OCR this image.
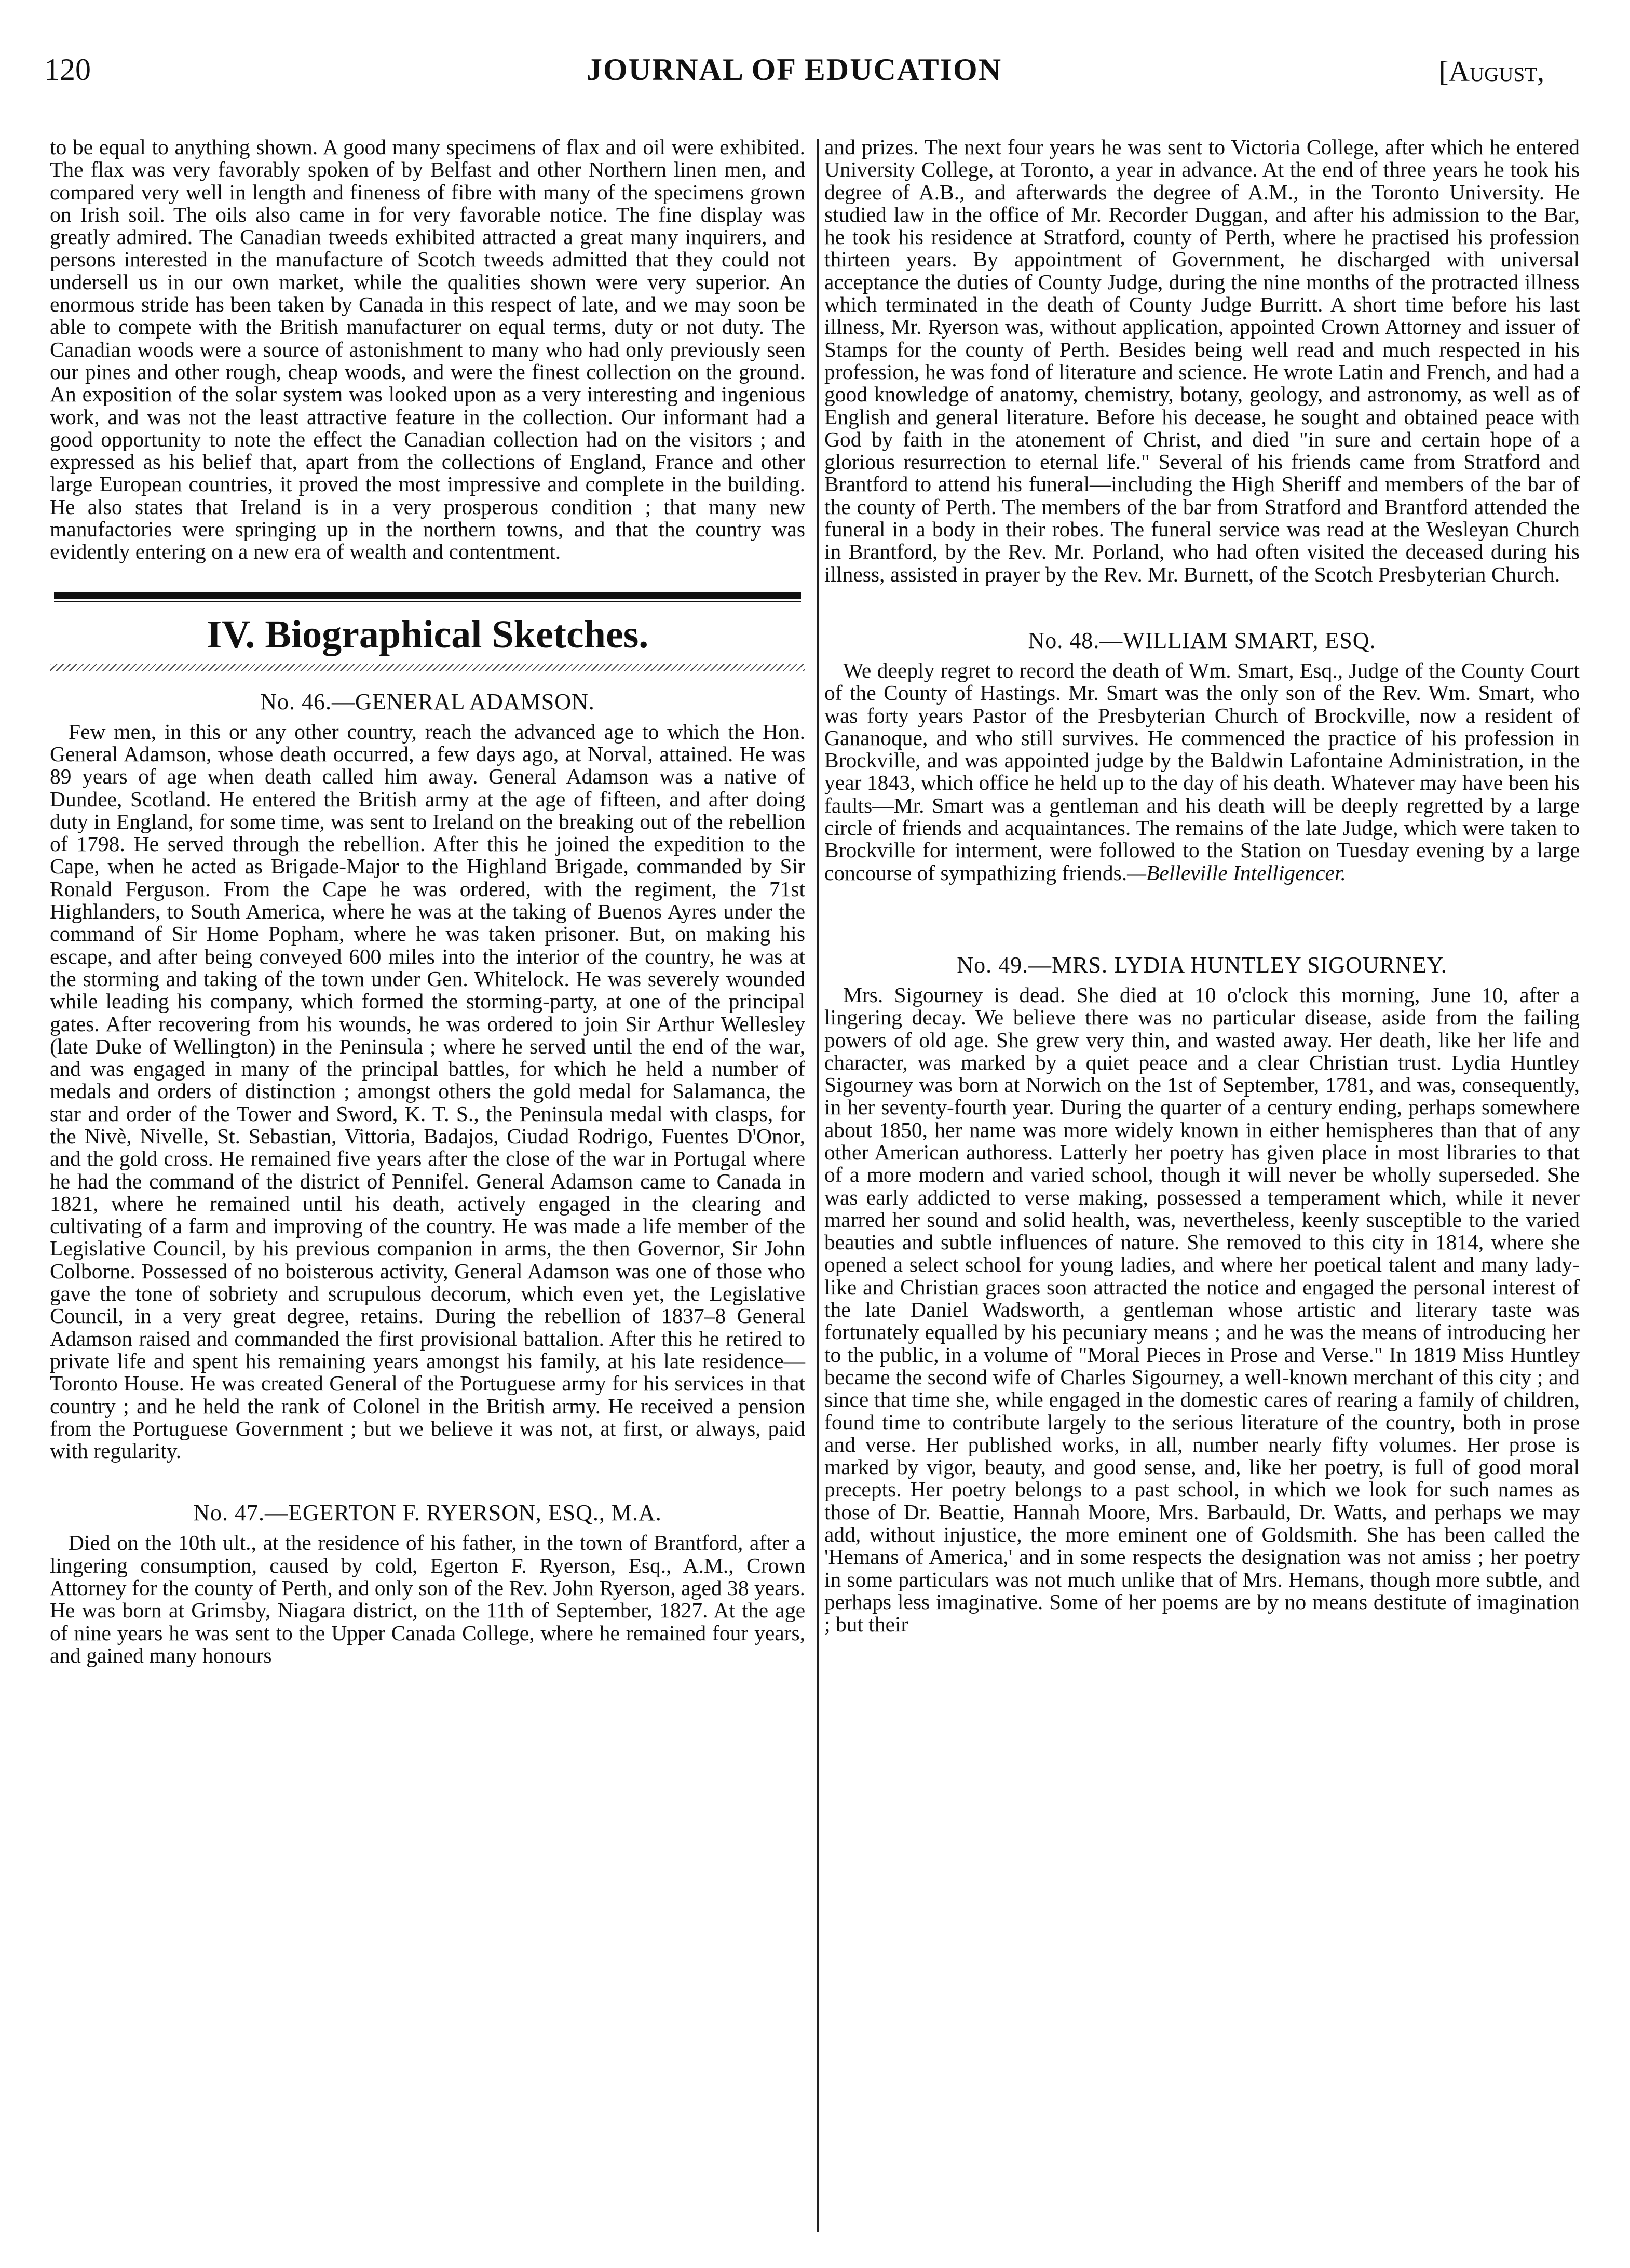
120	JOURNAL OF EDUCATION	[August,

to be equal to anything shown. A good many specimens of flax and oil were exhibited. The flax was very favorably spoken of by Belfast and other Northern linen men, and compared very well in length and fineness of fibre with many of the specimens grown on Irish soil. The oils also came in for very favorable notice. The fine display was greatly admired. The Canadian tweeds exhibited attracted a great many inquirers, and persons interested in the manufacture of Scotch tweeds admitted that they could not undersell us in our own market, while the qualities shown were very superior. An enormous stride has been taken by Canada in this respect of late, and we may soon be able to compete with the British manufacturer on equal terms, duty or not duty. The Canadian woods were a source of astonishment to many who had only previously seen our pines and other rough, cheap woods, and were the finest collection on the ground. An exposition of the solar system was looked upon as a very interesting and ingenious work, and was not the least attractive feature in the collection. Our informant had a good opportunity to note the effect the Canadian collection had on the visitors ; and expressed as his belief that, apart from the collections of England, France and other large European countries, it proved the most impressive and complete in the building. He also states that Ireland is in a very prosperous condition ; that many new manufactories were springing up in the northern towns, and that the country was evidently entering on a new era of wealth and contentment.

IV. Biographical Sketches.
No. 46.—GENERAL ADAMSON.

Few men, in this or any other country, reach the advanced age to which the Hon. General Adamson, whose death occurred, a few days ago, at Norval, attained. He was 89 years of age when death called him away. General Adamson was a native of Dundee, Scotland. He entered the British army at the age of fifteen, and after doing duty in England, for some time, was sent to Ireland on the breaking out of the rebellion of 1798. He served through the rebellion. After this he joined the expedition to the Cape, when he acted as Brigade-Major to the Highland Brigade, commanded by Sir Ronald Ferguson. From the Cape he was ordered, with the regiment, the 71st Highlanders, to South America, where he was at the taking of Buenos Ayres under the command of Sir Home Popham, where he was taken prisoner. But, on making his escape, and after being conveyed 600 miles into the interior of the country, he was at the storming and taking of the town under Gen. Whitelock. He was severely wounded while leading his company, which formed the storming-party, at one of the principal gates. After recovering from his wounds, he was ordered to join Sir Arthur Wellesley (late Duke of Wellington) in the Peninsula ; where he served until the end of the war, and was engaged in many of the principal battles, for which he held a number of medals and orders of distinction ; amongst others the gold medal for Salamanca, the star and order of the Tower and Sword, K. T. S., the Peninsula medal with clasps, for the Nivè, Nivelle, St. Sebastian, Vittoria, Badajos, Ciudad Rodrigo, Fuentes D'Onor, and the gold cross. He remained five years after the close of the war in Portugal where he had the command of the district of Pennifel. General Adamson came to Canada in 1821, where he remained until his death, actively engaged in the clearing and cultivating of a farm and improving of the country. He was made a life member of the Legislative Council, by his previous companion in arms, the then Governor, Sir John Colborne. Possessed of no boisterous activity, General Adamson was one of those who gave the tone of sobriety and scrupulous decorum, which even yet, the Legislative Council, in a very great degree, retains. During the rebellion of 1837–8 General Adamson raised and commanded the first provisional battalion. After this he retired to private life and spent his remaining years amongst his family, at his late residence—Toronto House. He was created General of the Portuguese army for his services in that country ; and he held the rank of Colonel in the British army. He received a pension from the Portuguese Government ; but we believe it was not, at first, or always, paid with regularity.

No. 47.—EGERTON F. RYERSON, ESQ., M.A.

Died on the 10th ult., at the residence of his father, in the town of Brantford, after a lingering consumption, caused by cold, Egerton F. Ryerson, Esq., A.M., Crown Attorney for the county of Perth, and only son of the Rev. John Ryerson, aged 38 years. He was born at Grimsby, Niagara district, on the 11th of September, 1827. At the age of nine years he was sent to the Upper Canada College, where he remained four years, and gained many honours

and prizes. The next four years he was sent to Victoria College, after which he entered University College, at Toronto, a year in advance. At the end of three years he took his degree of A.B., and afterwards the degree of A.M., in the Toronto University. He studied law in the office of Mr. Recorder Duggan, and after his admission to the Bar, he took his residence at Stratford, county of Perth, where he practised his profession thirteen years. By appointment of Government, he discharged with universal acceptance the duties of County Judge, during the nine months of the protracted illness which terminated in the death of County Judge Burritt. A short time before his last illness, Mr. Ryerson was, without application, appointed Crown Attorney and issuer of Stamps for the county of Perth. Besides being well read and much respected in his profession, he was fond of literature and science. He wrote Latin and French, and had a good knowledge of anatomy, chemistry, botany, geology, and astronomy, as well as of English and general literature. Before his decease, he sought and obtained peace with God by faith in the atonement of Christ, and died "in sure and certain hope of a glorious resurrection to eternal life." Several of his friends came from Stratford and Brantford to attend his funeral—including the High Sheriff and members of the bar of the county of Perth. The members of the bar from Stratford and Brantford attended the funeral in a body in their robes. The funeral service was read at the Wesleyan Church in Brantford, by the Rev. Mr. Porland, who had often visited the deceased during his illness, assisted in prayer by the Rev. Mr. Burnett, of the Scotch Presbyterian Church.

No. 48.—WILLIAM SMART, ESQ.

We deeply regret to record the death of Wm. Smart, Esq., Judge of the County Court of the County of Hastings. Mr. Smart was the only son of the Rev. Wm. Smart, who was forty years Pastor of the Presbyterian Church of Brockville, now a resident of Gananoque, and who still survives. He commenced the practice of his profession in Brockville, and was appointed judge by the Baldwin Lafontaine Administration, in the year 1843, which office he held up to the day of his death. Whatever may have been his faults—Mr. Smart was a gentleman and his death will be deeply regretted by a large circle of friends and acquaintances. The remains of the late Judge, which were taken to Brockville for interment, were followed to the Station on Tuesday evening by a large concourse of sympathizing friends.—Belleville Intelligencer.

No. 49.—MRS. LYDIA HUNTLEY SIGOURNEY.

Mrs. Sigourney is dead. She died at 10 o'clock this morning, June 10, after a lingering decay. We believe there was no particular disease, aside from the failing powers of old age. She grew very thin, and wasted away. Her death, like her life and character, was marked by a quiet peace and a clear Christian trust. Lydia Huntley Sigourney was born at Norwich on the 1st of September, 1781, and was, consequently, in her seventy-fourth year. During the quarter of a century ending, perhaps somewhere about 1850, her name was more widely known in either hemispheres than that of any other American authoress. Latterly her poetry has given place in most libraries to that of a more modern and varied school, though it will never be wholly superseded. She was early addicted to verse making, possessed a temperament which, while it never marred her sound and solid health, was, nevertheless, keenly susceptible to the varied beauties and subtle influences of nature. She removed to this city in 1814, where she opened a select school for young ladies, and where her poetical talent and many lady-like and Christian graces soon attracted the notice and engaged the personal interest of the late Daniel Wadsworth, a gentleman whose artistic and literary taste was fortunately equalled by his pecuniary means ; and he was the means of introducing her to the public, in a volume of "Moral Pieces in Prose and Verse." In 1819 Miss Huntley became the second wife of Charles Sigourney, a well-known merchant of this city ; and since that time she, while engaged in the domestic cares of rearing a family of children, found time to contribute largely to the serious literature of the country, both in prose and verse. Her published works, in all, number nearly fifty volumes. Her prose is marked by vigor, beauty, and good sense, and, like her poetry, is full of good moral precepts. Her poetry belongs to a past school, in which we look for such names as those of Dr. Beattie, Hannah Moore, Mrs. Barbauld, Dr. Watts, and perhaps we may add, without injustice, the more eminent one of Goldsmith. She has been called the 'Hemans of America,' and in some respects the designation was not amiss ; her poetry in some particulars was not much unlike that of Mrs. Hemans, though more subtle, and perhaps less imaginative. Some of her poems are by no means destitute of imagination ; but their
